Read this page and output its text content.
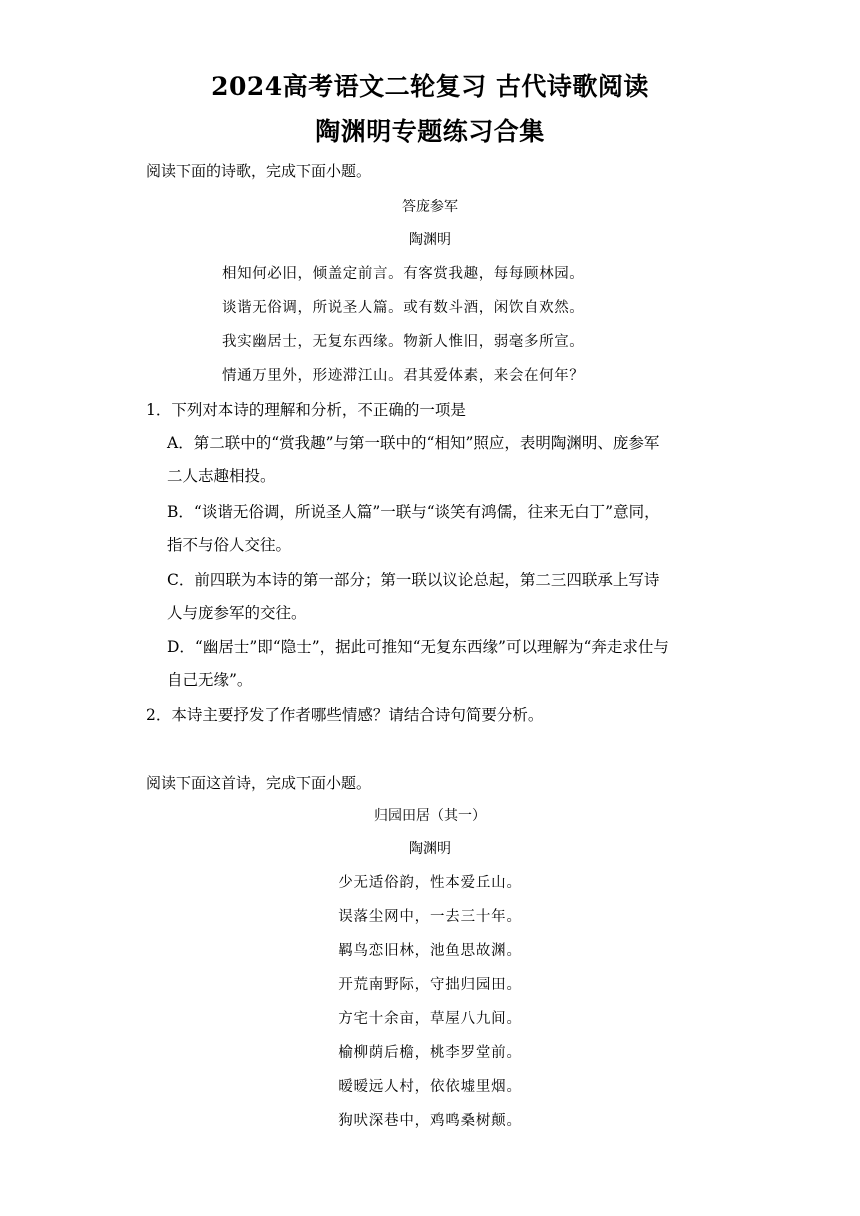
2024高考语文二轮复习 古代诗歌阅读
陶渊明专题练习合集
阅读下面的诗歌，完成下面小题。
答庞参军
陶渊明
相知何必旧，倾盖定前言。有客赏我趣，每每顾林园。
谈谐无俗调，所说圣人篇。或有数斗酒，闲饮自欢然。
我实幽居士，无复东西缘。物新人惟旧，弱毫多所宣。
情通万里外，形迹滞江山。君其爱体素，来会在何年？
1．下列对本诗的理解和分析，不正确的一项是
A．第二联中的“赏我趣”与第一联中的“相知”照应，表明陶渊明、庞参军
二人志趣相投。
B．“谈谐无俗调，所说圣人篇”一联与“谈笑有鸿儒，往来无白丁”意同，
指不与俗人交往。
C．前四联为本诗的第一部分；第一联以议论总起，第二三四联承上写诗
人与庞参军的交往。
D．“幽居士”即“隐士”，据此可推知“无复东西缘”可以理解为“奔走求仕与
自己无缘”。
2．本诗主要抒发了作者哪些情感？请结合诗句简要分析。
阅读下面这首诗，完成下面小题。
归园田居（其一）
陶渊明
少无适俗韵，性本爱丘山。
误落尘网中，一去三十年。
羁鸟恋旧林，池鱼思故渊。
开荒南野际，守拙归园田。
方宅十余亩，草屋八九间。
榆柳荫后檐，桃李罗堂前。
暧暧远人村，依依墟里烟。
狗吠深巷中，鸡鸣桑树颠。
